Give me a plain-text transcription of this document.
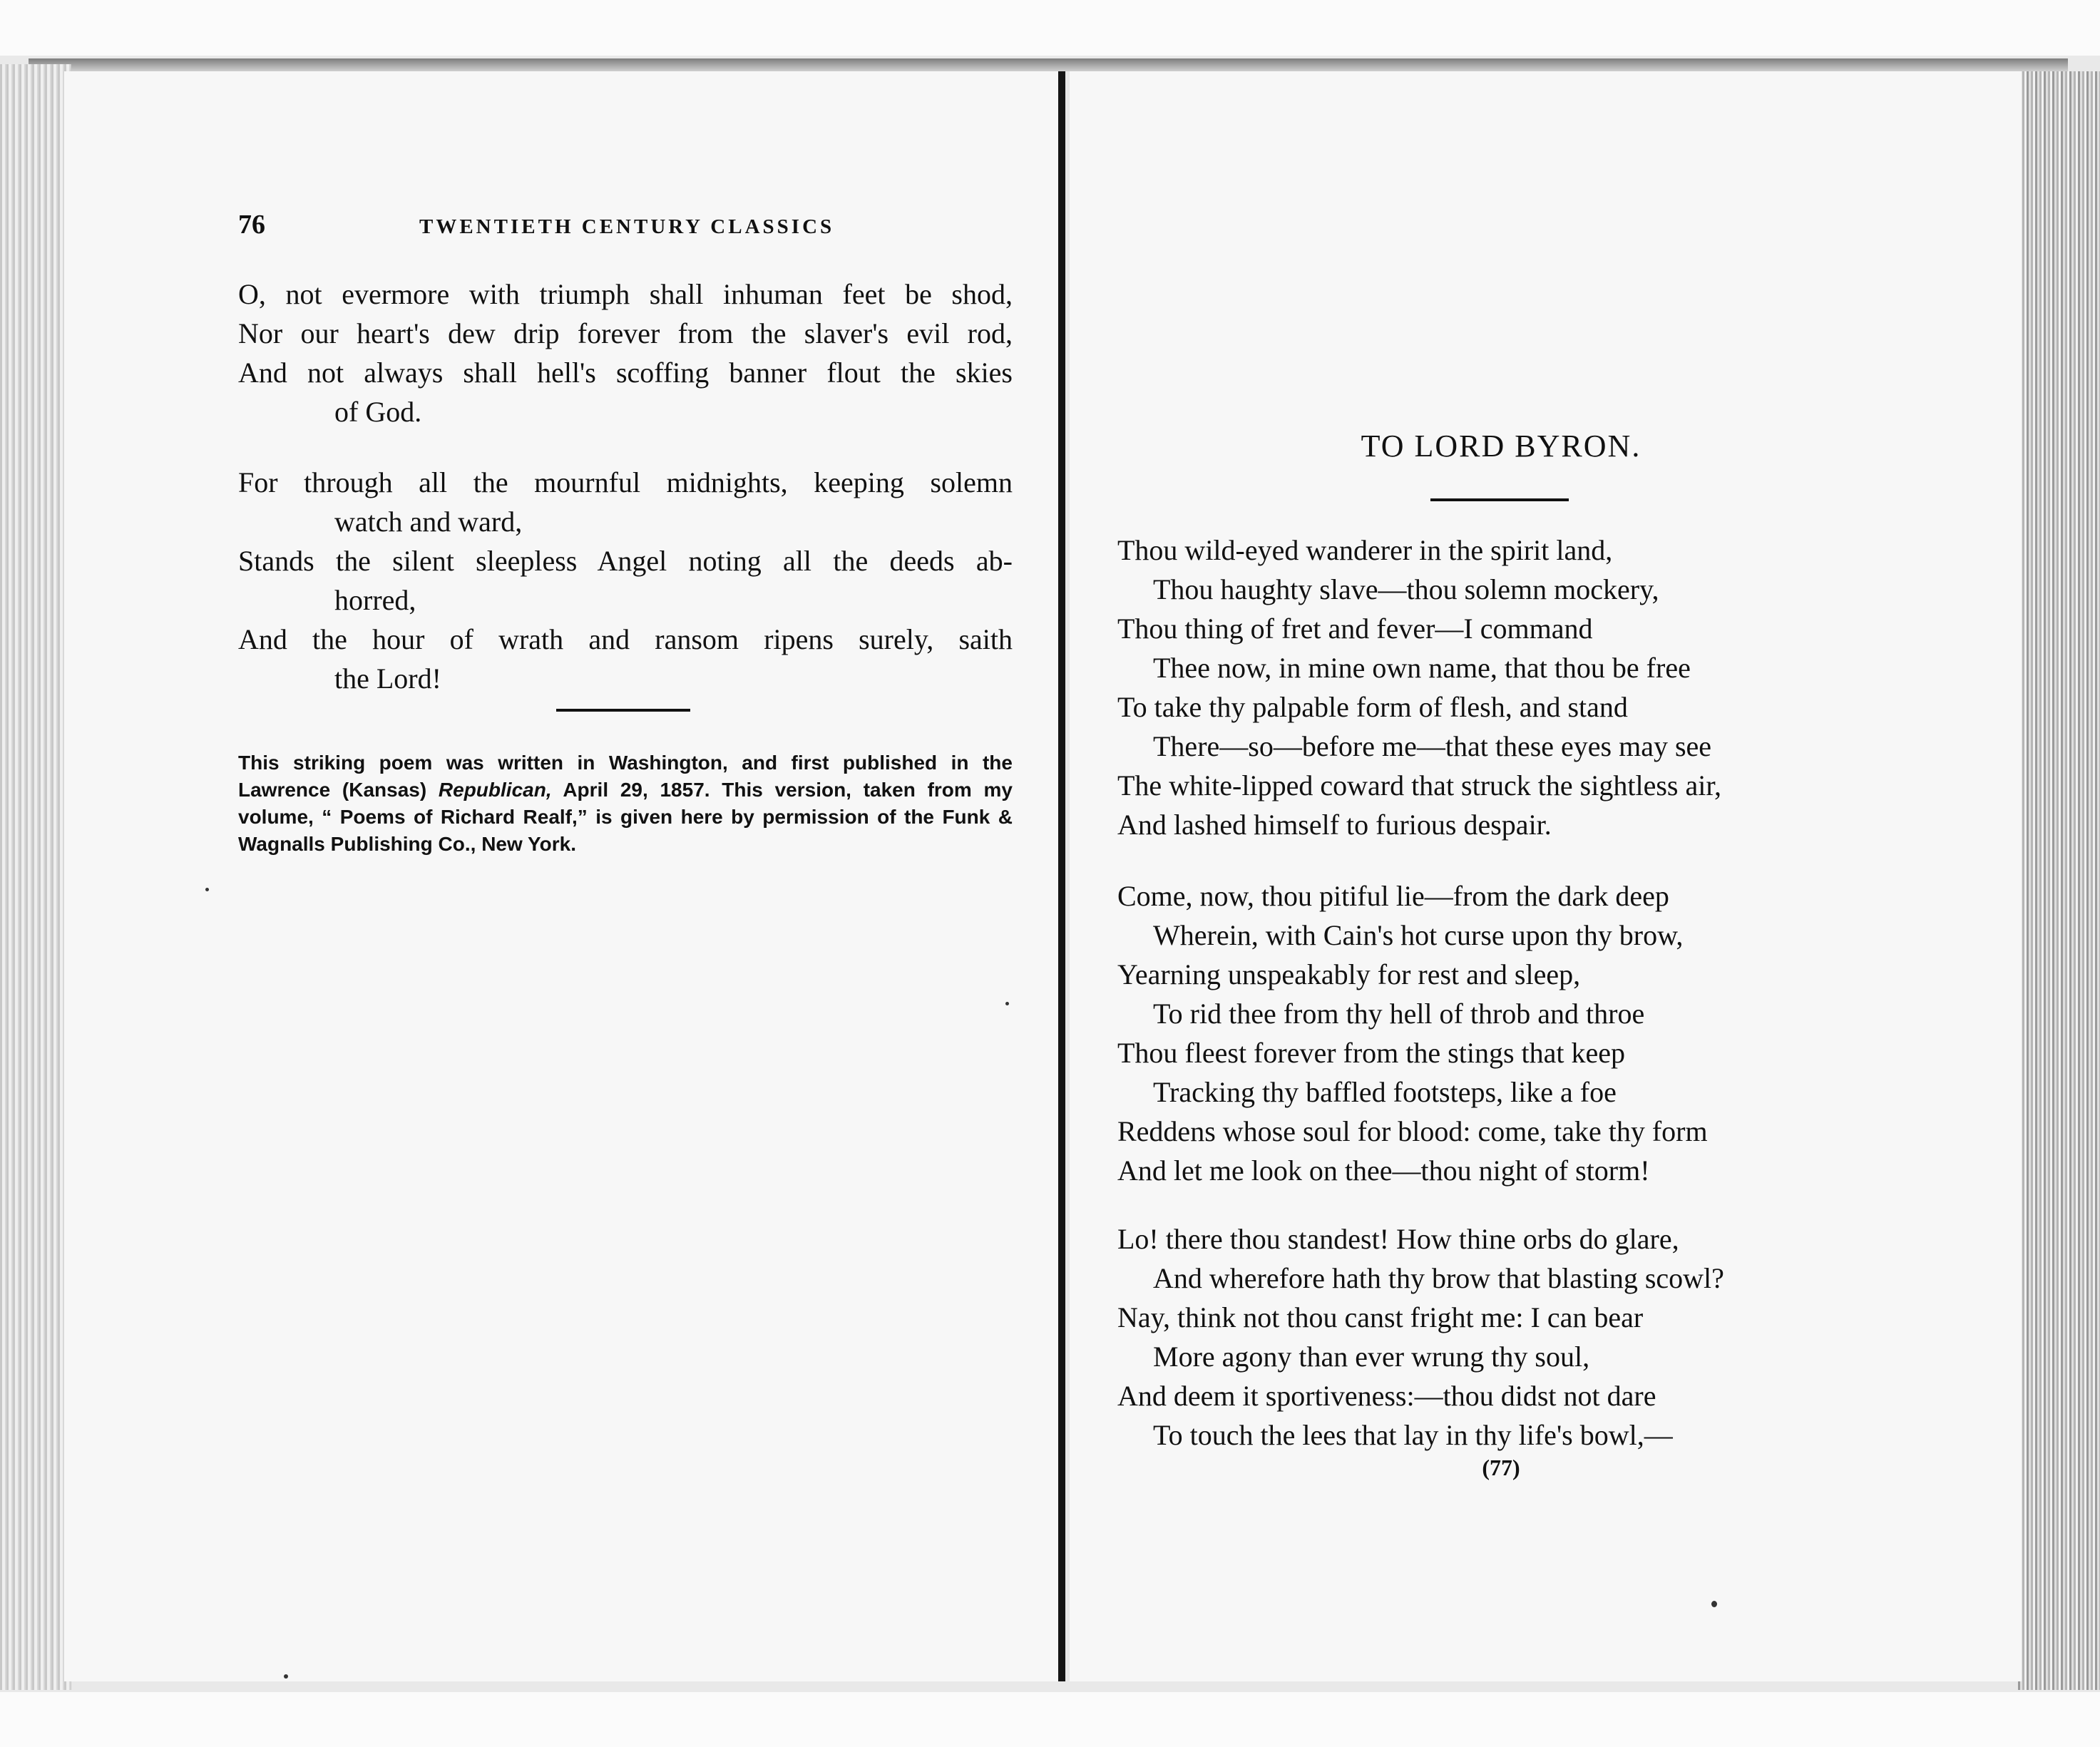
76	TWENTIETH CENTURY CLASSICS
O, not evermore with triumph shall inhuman feet be shod,
Nor our heart's dew drip forever from the slaver's evil rod,
And not always shall hell's scoffing banner flout the skies
of God.
For through all the mournful midnights, keeping solemn
watch and ward,
Stands the silent sleepless Angel noting all the deeds ab-
horred,
And the hour of wrath and ransom ripens surely, saith
the Lord!

This striking poem was written in Washington, and first published in the Lawrence (Kansas) Republican, April 29, 1857. This version, taken from my volume, “ Poems of Richard Realf,” is given here by permission of the Funk & Wagnalls Publishing Co., New York.

TO LORD BYRON.
Thou wild-eyed wanderer in the spirit land,
Thou haughty slave—thou solemn mockery,
Thou thing of fret and fever—I command
Thee now, in mine own name, that thou be free
To take thy palpable form of flesh, and stand
There—so—before me—that these eyes may see
The white-lipped coward that struck the sightless air,
And lashed himself to furious despair.
Come, now, thou pitiful lie—from the dark deep
Wherein, with Cain's hot curse upon thy brow,
Yearning unspeakably for rest and sleep,
To rid thee from thy hell of throb and throe
Thou fleest forever from the stings that keep
Tracking thy baffled footsteps, like a foe
Reddens whose soul for blood: come, take thy form
And let me look on thee—thou night of storm!
Lo! there thou standest! How thine orbs do glare,
And wherefore hath thy brow that blasting scowl?
Nay, think not thou canst fright me: I can bear
More agony than ever wrung thy soul,
And deem it sportiveness:—thou didst not dare
To touch the lees that lay in thy life's bowl,—
(77)
